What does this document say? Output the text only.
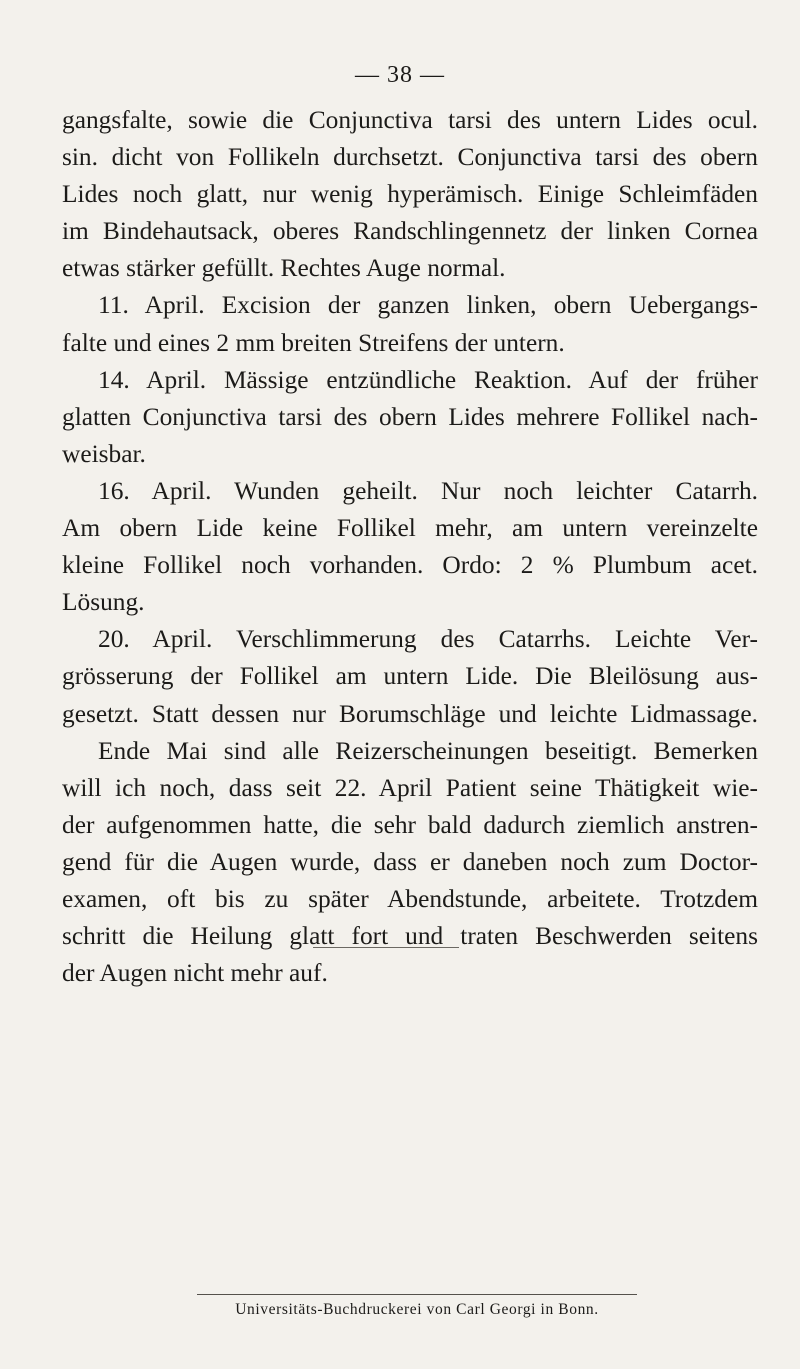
— 38 —
gangsfalte, sowie die Conjunctiva tarsi des untern Lides ocul.
sin. dicht von Follikeln durchsetzt. Conjunctiva tarsi des obern
Lides noch glatt, nur wenig hyperämisch. Einige Schleimfäden
im Bindehautsack, oberes Randschlingennetz der linken Cornea
etwas stärker gefüllt. Rechtes Auge normal.
11. April. Excision der ganzen linken, obern Uebergangs-
falte und eines 2 mm breiten Streifens der untern.
14. April. Mässige entzündliche Reaktion. Auf der früher
glatten Conjunctiva tarsi des obern Lides mehrere Follikel nach-
weisbar.
16. April. Wunden geheilt. Nur noch leichter Catarrh.
Am obern Lide keine Follikel mehr, am untern vereinzelte
kleine Follikel noch vorhanden. Ordo: 2 % Plumbum acet.
Lösung.
20. April. Verschlimmerung des Catarrhs. Leichte Ver-
grösserung der Follikel am untern Lide. Die Bleilösung aus-
gesetzt. Statt dessen nur Borumschläge und leichte Lidmassage.
Ende Mai sind alle Reizerscheinungen beseitigt. Bemerken
will ich noch, dass seit 22. April Patient seine Thätigkeit wie-
der aufgenommen hatte, die sehr bald dadurch ziemlich anstren-
gend für die Augen wurde, dass er daneben noch zum Doctor-
examen, oft bis zu später Abendstunde, arbeitete. Trotzdem
schritt die Heilung glatt fort und traten Beschwerden seitens
der Augen nicht mehr auf.
Universitäts-Buchdruckerei von Carl Georgi in Bonn.
